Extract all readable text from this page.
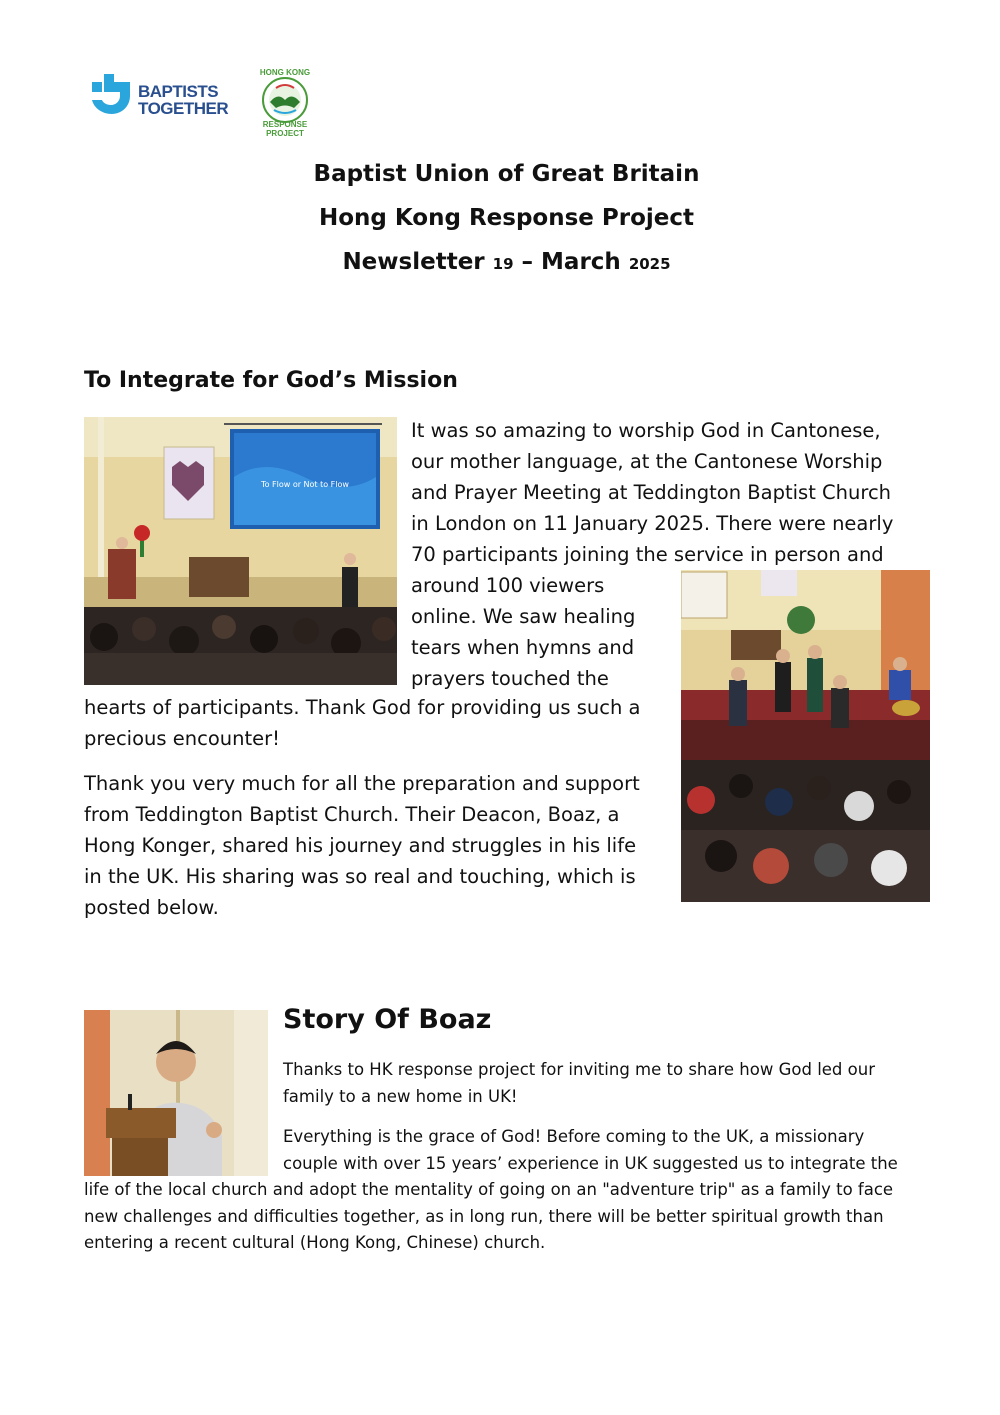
BAPTISTS
TOGETHER
HONG KONG
RESPONSE PROJECT
Baptist Union of Great Britain
Hong Kong Response Project
Newsletter 19 – March 2025
To Integrate for God’s Mission
To Flow or Not to Flow
It was so amazing to worship God in Cantonese,
our mother language, at the Cantonese Worship
and Prayer Meeting at Teddington Baptist Church
in London on 11 January 2025. There were nearly
70 participants joining the service in person and
around 100 viewers
online. We saw healing
tears when hymns and
prayers touched the
hearts of participants. Thank God for providing us such a
precious encounter!
Thank you very much for all the preparation and support
from Teddington Baptist Church. Their Deacon, Boaz, a
Hong Konger, shared his journey and struggles in his life
in the UK. His sharing was so real and touching, which is
posted below.
Story Of Boaz
Thanks to HK response project for inviting me to share how God led our
family to a new home in UK!
Everything is the grace of God! Before coming to the UK, a missionary
couple with over 15 years’ experience in UK suggested us to integrate the
life of the local church and adopt the mentality of going on an "adventure trip" as a family to face
new challenges and difficulties together, as in long run, there will be better spiritual growth than
entering a recent cultural (Hong Kong, Chinese) church.
